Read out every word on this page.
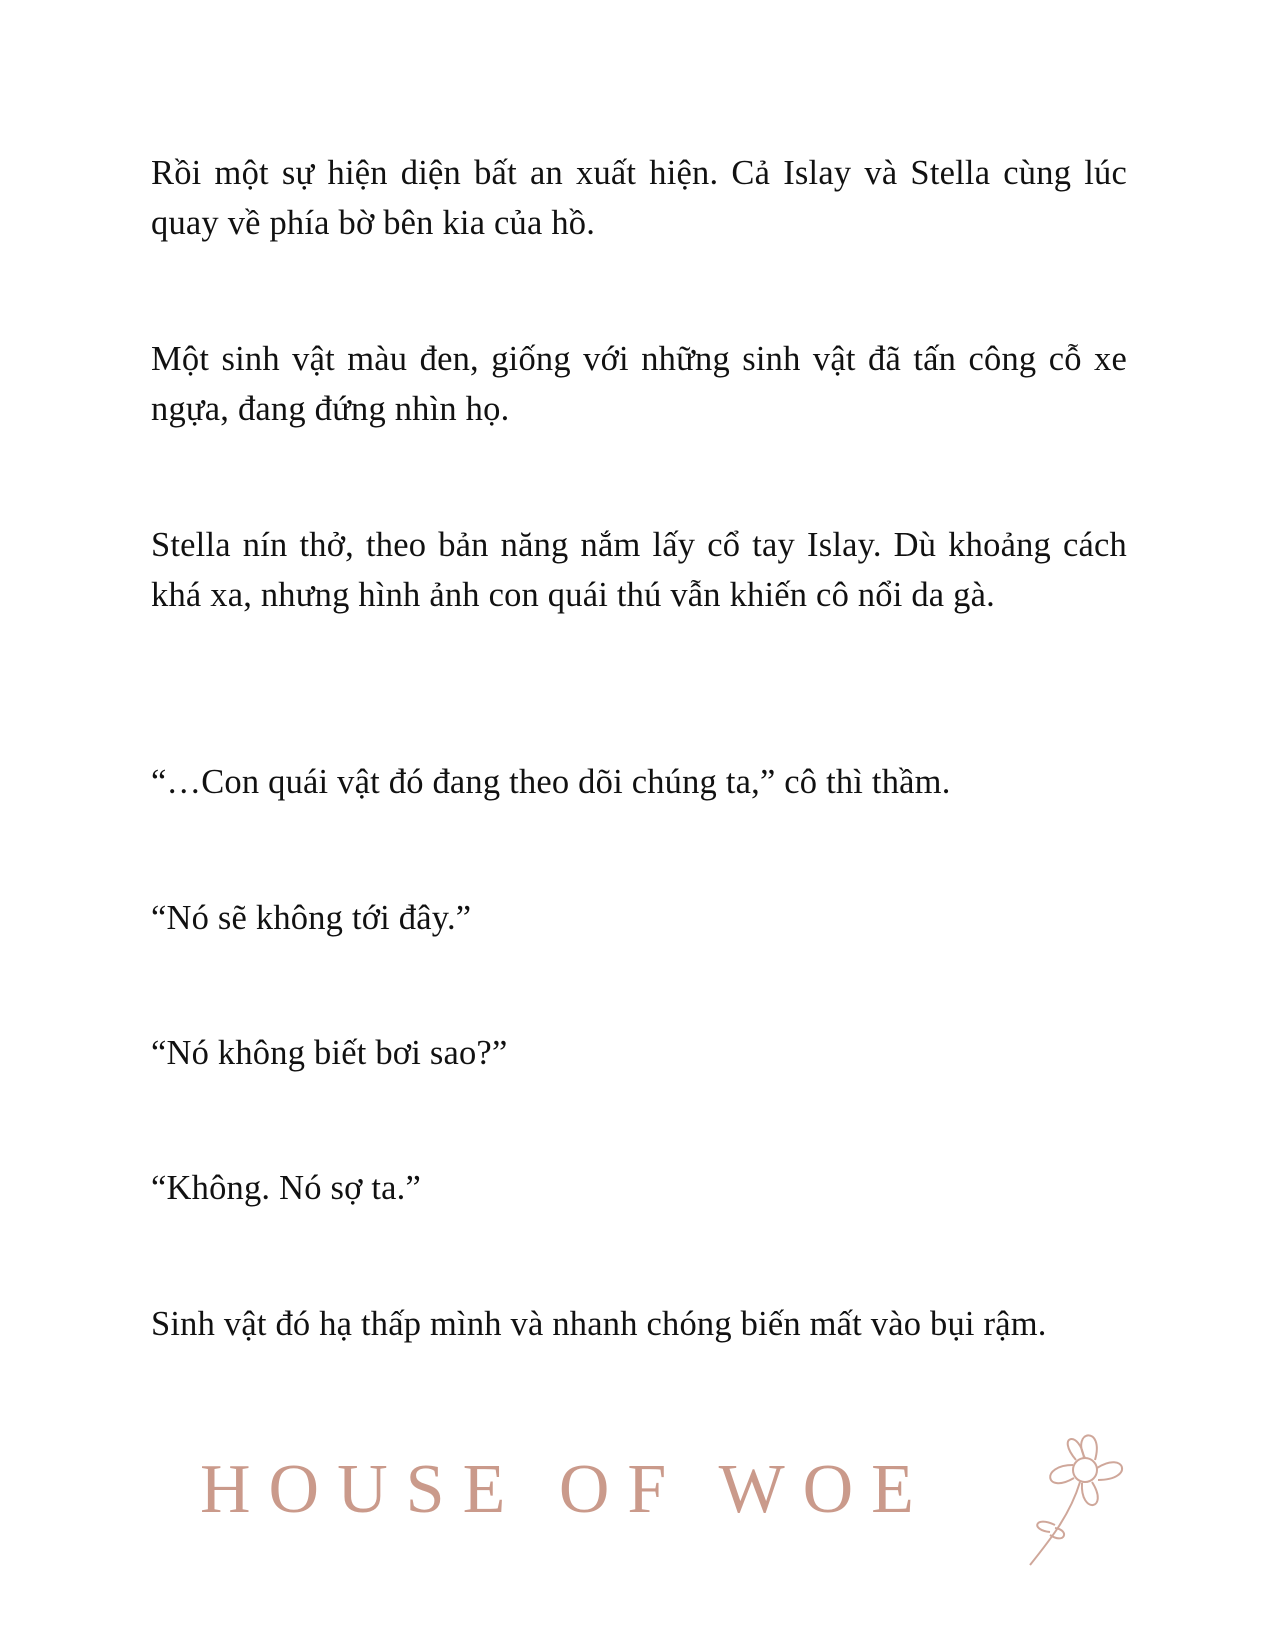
Rồi một sự hiện diện bất an xuất hiện. Cả Islay và Stella cùng lúc quay về phía bờ bên kia của hồ.
Một sinh vật màu đen, giống với những sinh vật đã tấn công cỗ xe ngựa, đang đứng nhìn họ.
Stella nín thở, theo bản năng nắm lấy cổ tay Islay. Dù khoảng cách khá xa, nhưng hình ảnh con quái thú vẫn khiến cô nổi da gà.
“…Con quái vật đó đang theo dõi chúng ta,” cô thì thầm.
“Nó sẽ không tới đây.”
“Nó không biết bơi sao?”
“Không. Nó sợ ta.”
Sinh vật đó hạ thấp mình và nhanh chóng biến mất vào bụi rậm.
HOUSE OF WOE
